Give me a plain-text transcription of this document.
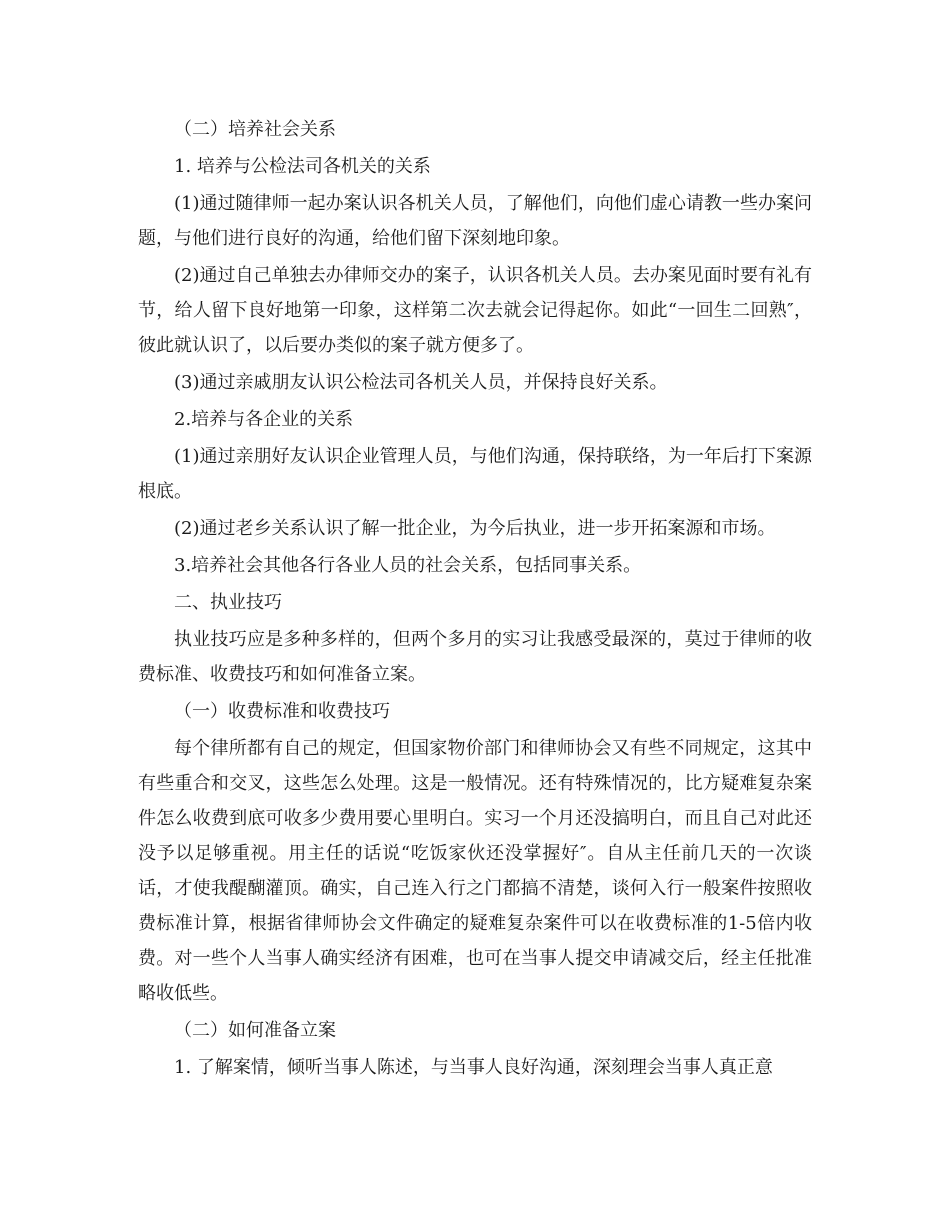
（二）培养社会关系

1. 培养与公检法司各机关的关系

(1)通过随律师一起办案认识各机关人员，了解他们，向他们虚心请教一些办案问题，与他们进行良好的沟通，给他们留下深刻地印象。

(2)通过自己单独去办律师交办的案子，认识各机关人员。去办案见面时要有礼有节，给人留下良好地第一印象，这样第二次去就会记得起你。如此“一回生二回熟″，彼此就认识了，以后要办类似的案子就方便多了。

(3)通过亲戚朋友认识公检法司各机关人员，并保持良好关系。

2.培养与各企业的关系

(1)通过亲朋好友认识企业管理人员，与他们沟通，保持联络，为一年后打下案源根底。

(2)通过老乡关系认识了解一批企业，为今后执业，进一步开拓案源和市场。

3.培养社会其他各行各业人员的社会关系，包括同事关系。

二、执业技巧

执业技巧应是多种多样的，但两个多月的实习让我感受最深的，莫过于律师的收费标准、收费技巧和如何准备立案。

（一）收费标准和收费技巧

每个律所都有自己的规定，但国家物价部门和律师协会又有些不同规定，这其中有些重合和交叉，这些怎么处理。这是一般情况。还有特殊情况的，比方疑难复杂案件怎么收费到底可收多少费用要心里明白。实习一个月还没搞明白，而且自己对此还没予以足够重视。用主任的话说“吃饭家伙还没掌握好″。自从主任前几天的一次谈话，才使我醍醐灌顶。确实，自己连入行之门都搞不清楚，谈何入行一般案件按照收费标准计算，根据省律师协会文件确定的疑难复杂案件可以在收费标准的1-5倍内收费。对一些个人当事人确实经济有困难，也可在当事人提交申请减交后，经主任批准略收低些。

（二）如何准备立案

1. 了解案情，倾听当事人陈述，与当事人良好沟通，深刻理会当事人真正意
